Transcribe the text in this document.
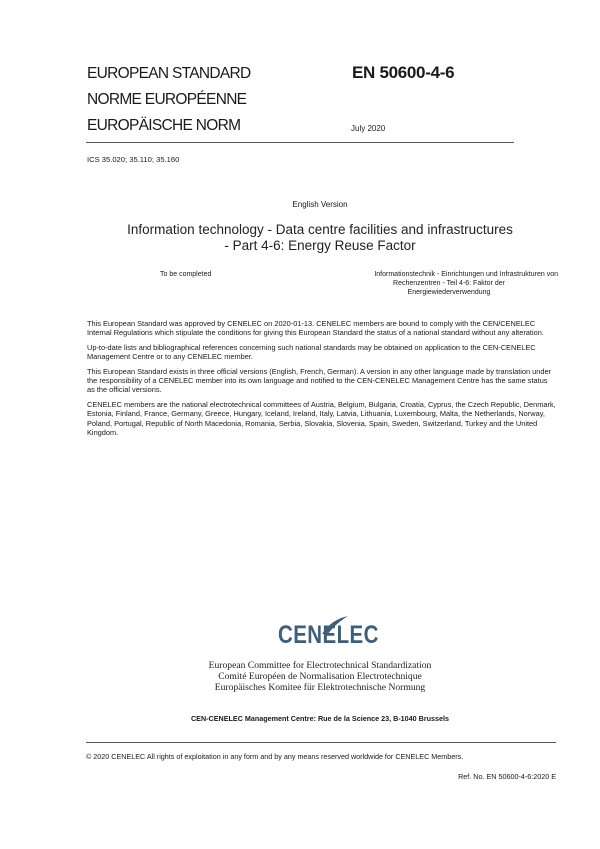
EUROPEAN STANDARD
NORME EUROPÉENNE
EUROPÄISCHE NORM
EN 50600-4-6
July 2020
ICS 35.020; 35.110; 35.160
English Version
Information technology - Data centre facilities and infrastructures
- Part 4-6: Energy Reuse Factor
To be completed	Informationstechnik - Einrichtungen und Infrastrukturen von
Rechenzentren - Teil 4-6: Faktor der
Energiewiederverwendung

This European Standard was approved by CENELEC on 2020-01-13. CENELEC members are bound to comply with the CEN/CENELEC Internal Regulations which stipulate the conditions for giving this European Standard the status of a national standard without any alteration.

Up-to-date lists and bibliographical references concerning such national standards may be obtained on application to the CEN-CENELEC Management Centre or to any CENELEC member.

This European Standard exists in three official versions (English, French, German). A version in any other language made by translation under the responsibility of a CENELEC member into its own language and notified to the CEN-CENELEC Management Centre has the same status as the official versions.

CENELEC members are the national electrotechnical committees of Austria, Belgium, Bulgaria, Croatia, Cyprus, the Czech Republic, Denmark, Estonia, Finland, France, Germany, Greece, Hungary, Iceland, Ireland, Italy, Latvia, Lithuania, Luxembourg, Malta, the Netherlands, Norway, Poland, Portugal, Republic of North Macedonia, Romania, Serbia, Slovakia, Slovenia, Spain, Sweden, Switzerland, Turkey and the United Kingdom.

CENELEC
European Committee for Electrotechnical Standardization
Comité Européen de Normalisation Electrotechnique
Europäisches Komitee für Elektrotechnische Normung
CEN-CENELEC Management Centre: Rue de la Science 23, B-1040 Brussels
© 2020 CENELEC All rights of exploitation in any form and by any means reserved worldwide for CENELEC Members.
Ref. No. EN 50600-4-6:2020 E
